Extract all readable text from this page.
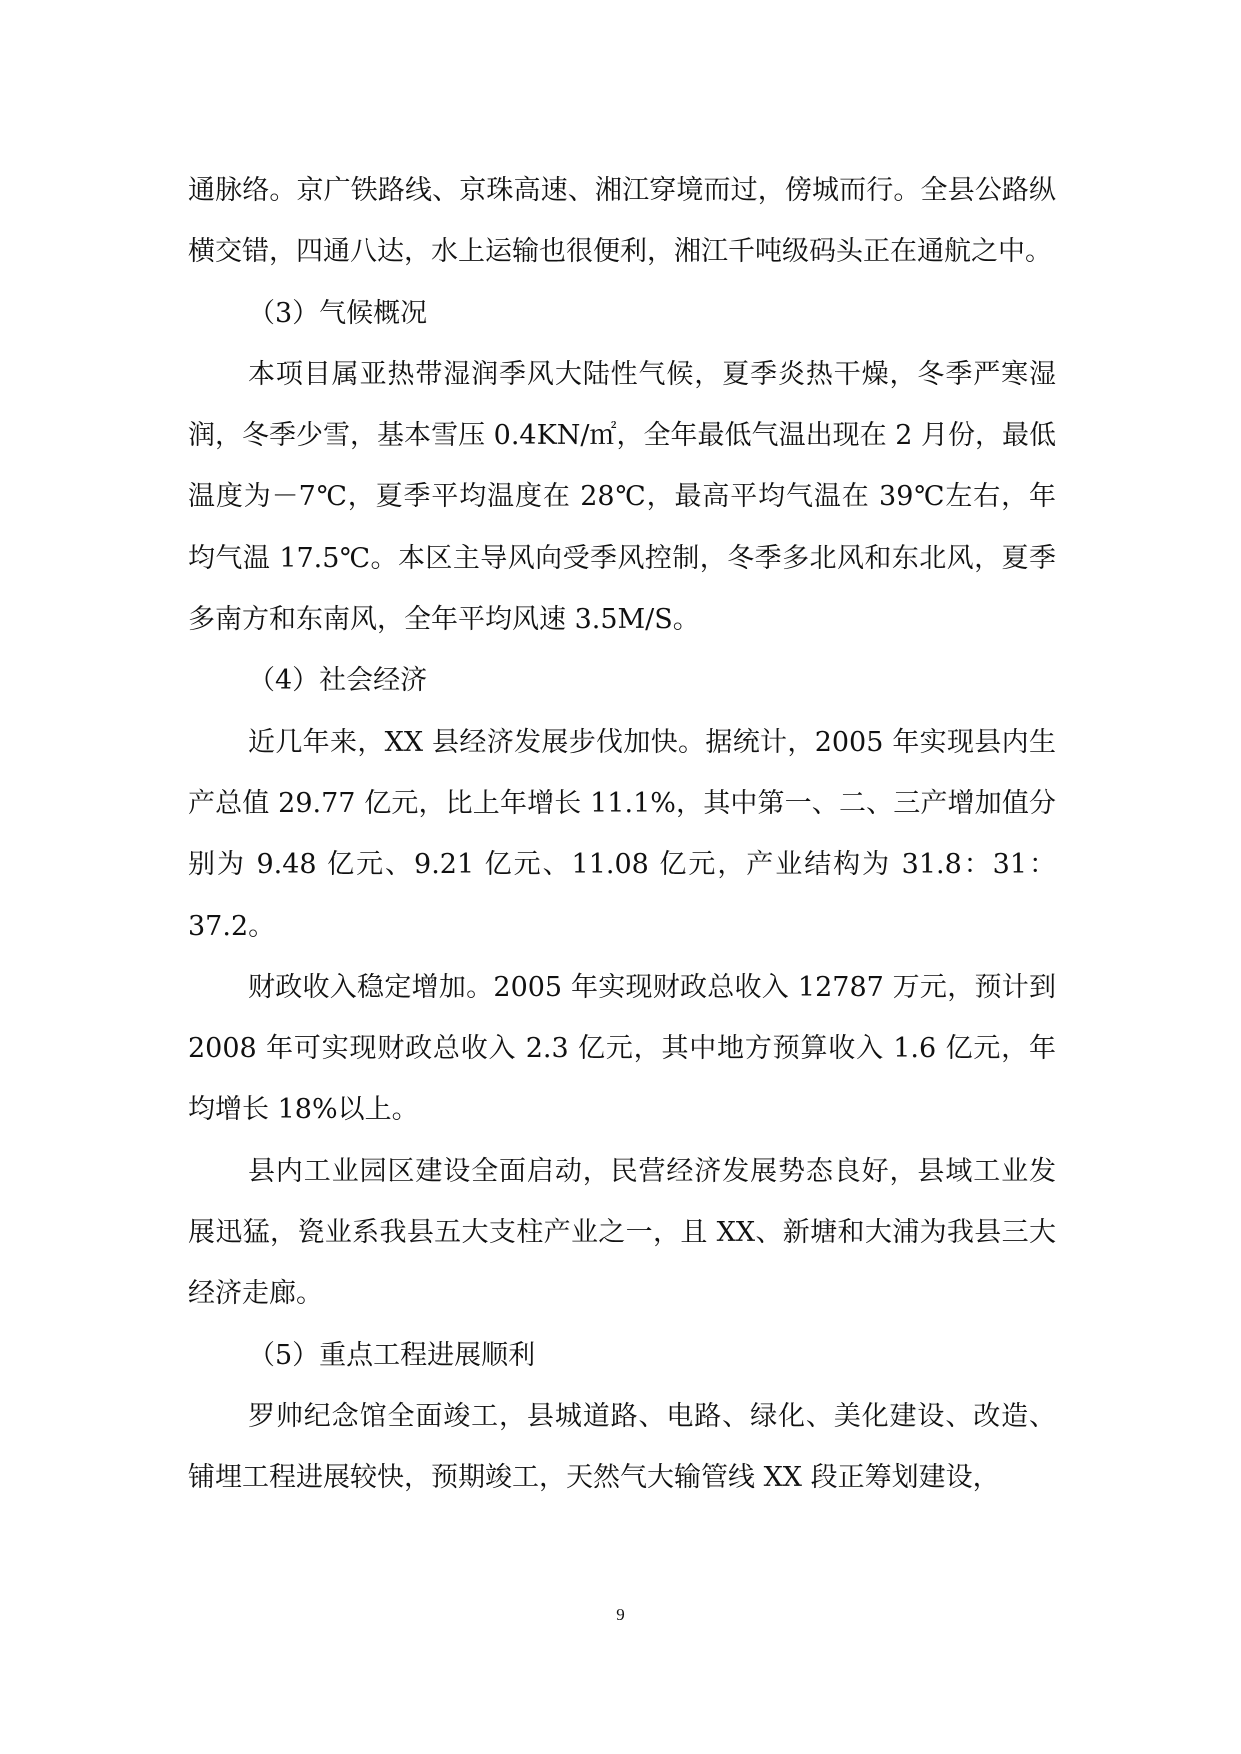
通脉络。京广铁路线、京珠高速、湘江穿境而过，傍城而行。全县公路纵横交错，四通八达，水上运输也很便利，湘江千吨级码头正在通航之中。

（3）气候概况

本项目属亚热带湿润季风大陆性气候，夏季炎热干燥，冬季严寒湿润，冬季少雪，基本雪压 0.4KN/㎡，全年最低气温出现在 2 月份，最低温度为－7℃，夏季平均温度在 28℃，最高平均气温在 39℃左右，年均气温 17.5℃。本区主导风向受季风控制，冬季多北风和东北风，夏季多南方和东南风，全年平均风速 3.5M/S。

（4）社会经济

近几年来，XX 县经济发展步伐加快。据统计，2005 年实现县内生产总值 29.77 亿元，比上年增长 11.1%，其中第一、二、三产增加值分别为 9.48 亿元、9.21 亿元、11.08 亿元，产业结构为 31.8：31：37.2。

财政收入稳定增加。2005 年实现财政总收入 12787 万元，预计到 2008 年可实现财政总收入 2.3 亿元，其中地方预算收入 1.6 亿元，年均增长 18%以上。

县内工业园区建设全面启动，民营经济发展势态良好，县域工业发展迅猛，瓷业系我县五大支柱产业之一，且 XX、新塘和大浦为我县三大经济走廊。

（5）重点工程进展顺利

罗帅纪念馆全面竣工，县城道路、电路、绿化、美化建设、改造、铺埋工程进展较快，预期竣工，天然气大输管线 XX 段正筹划建设，

9
